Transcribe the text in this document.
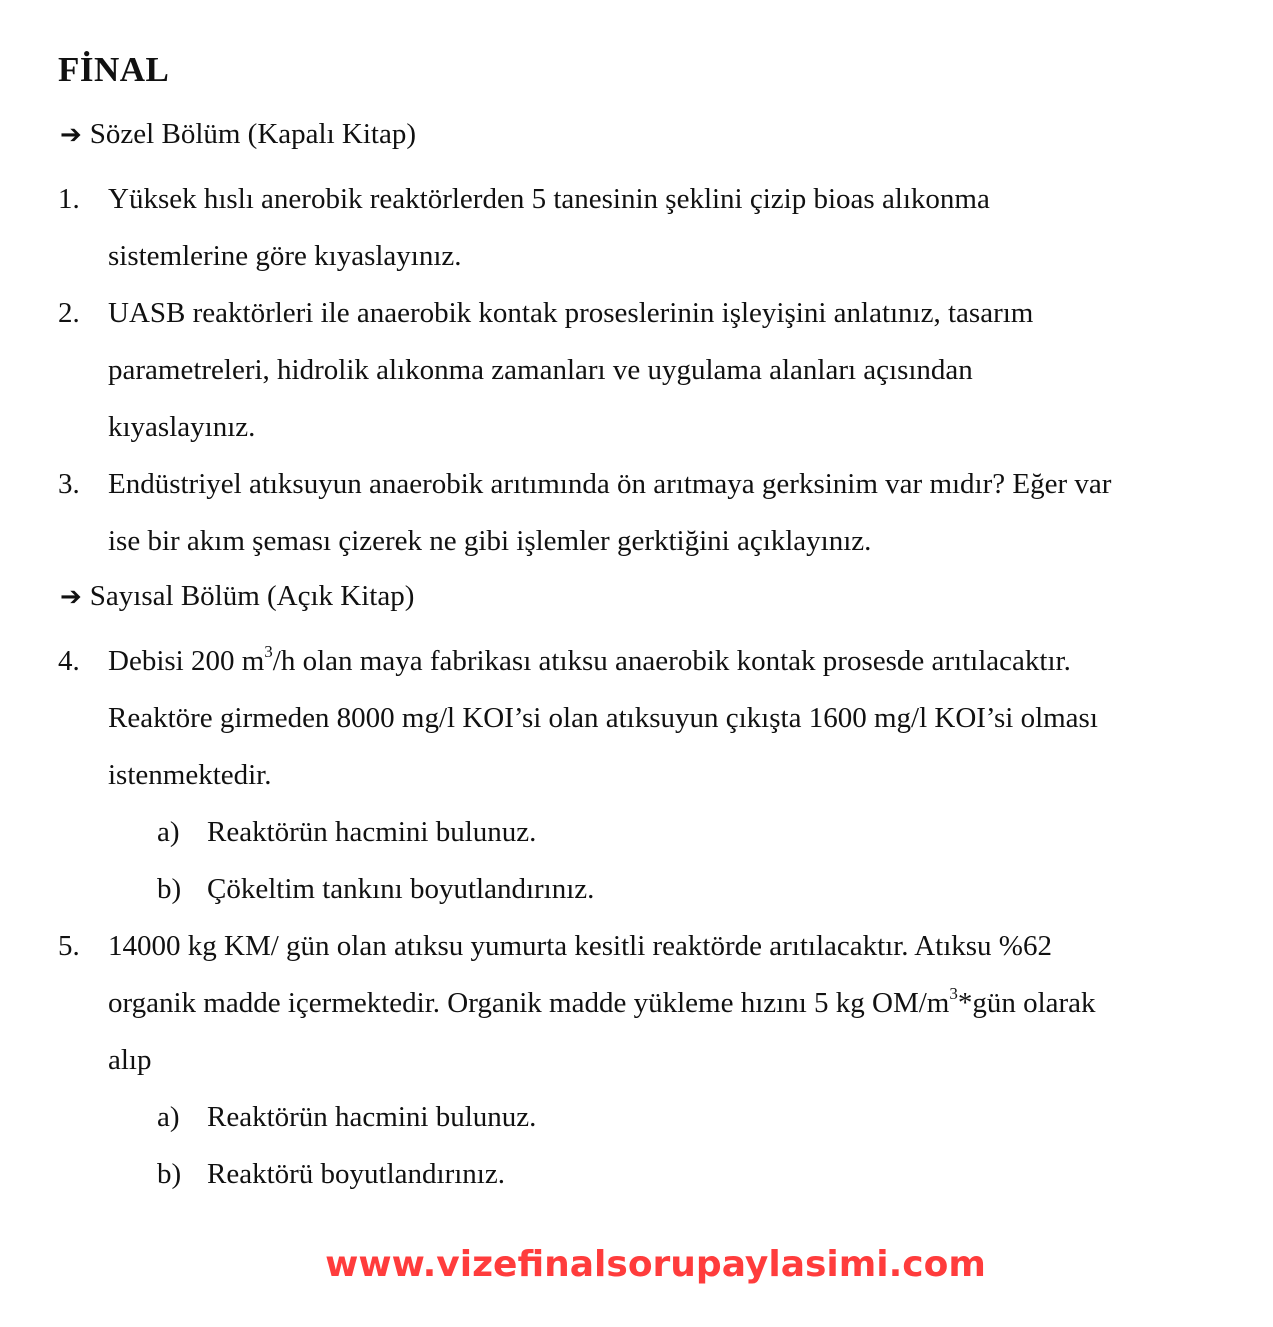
FİNAL
➔ Sözel Bölüm (Kapalı Kitap)
1. Yüksek hıslı anerobik reaktörlerden 5 tanesinin şeklini çizip bioas alıkonma
sistemlerine göre kıyaslayınız.
2. UASB reaktörleri ile anaerobik kontak proseslerinin işleyişini anlatınız, tasarım
parametreleri, hidrolik alıkonma zamanları ve uygulama alanları açısından
kıyaslayınız.
3. Endüstriyel atıksuyun anaerobik arıtımında ön arıtmaya gerksinim var mıdır? Eğer var
ise bir akım şeması çizerek ne gibi işlemler gerktiğini açıklayınız.
➔ Sayısal Bölüm (Açık Kitap)
4. Debisi 200 $m^3/h$ olan maya fabrikası atıksu anaerobik kontak prosesde arıtılacaktır.
Reaktöre girmeden 8000 mg/l KOI’si olan atıksuyun çıkışta 1600 mg/l KOI’si olması
istenmektedir.
a) Reaktörün hacmini bulunuz.
b) Çökeltim tankını boyutlandırınız.
5. 14000 kg KM/ gün olan atıksu yumurta kesitli reaktörde arıtılacaktır. Atıksu %62
organik madde içermektedir. Organik madde yükleme hızını 5 kg $OM/m^3*gün$ olarak
alıp
a) Reaktörün hacmini bulunuz.
b) Reaktörü boyutlandırınız.
www.vizefinalsorupaylasimi.com
